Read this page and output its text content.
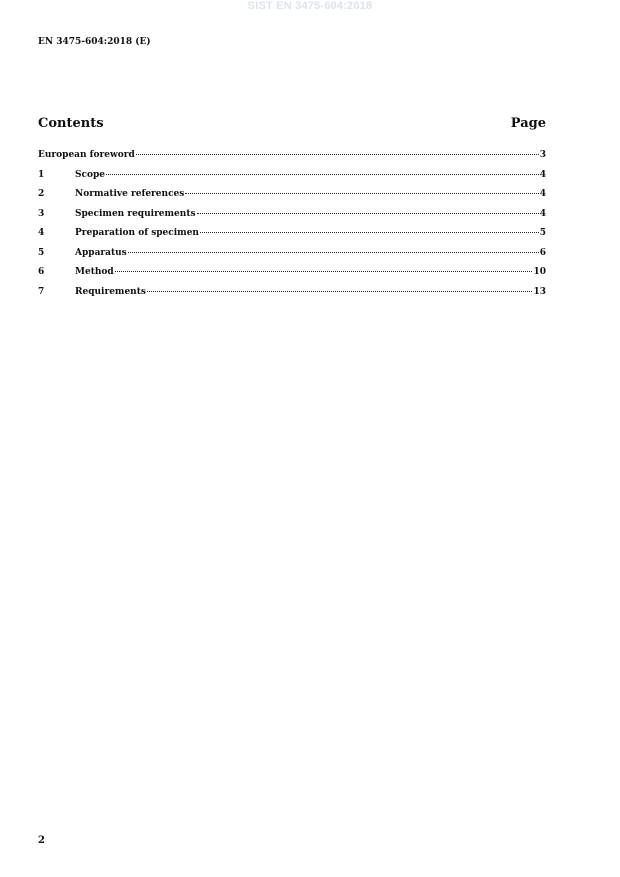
SIST EN 3475-604:2018
EN 3475-604:2018 (E)
Contents	Page
European foreword	3
1	Scope	4
2	Normative references	4
3	Specimen requirements	4
4	Preparation of specimen	5
5	Apparatus	6
6	Method	10
7	Requirements	13
2
